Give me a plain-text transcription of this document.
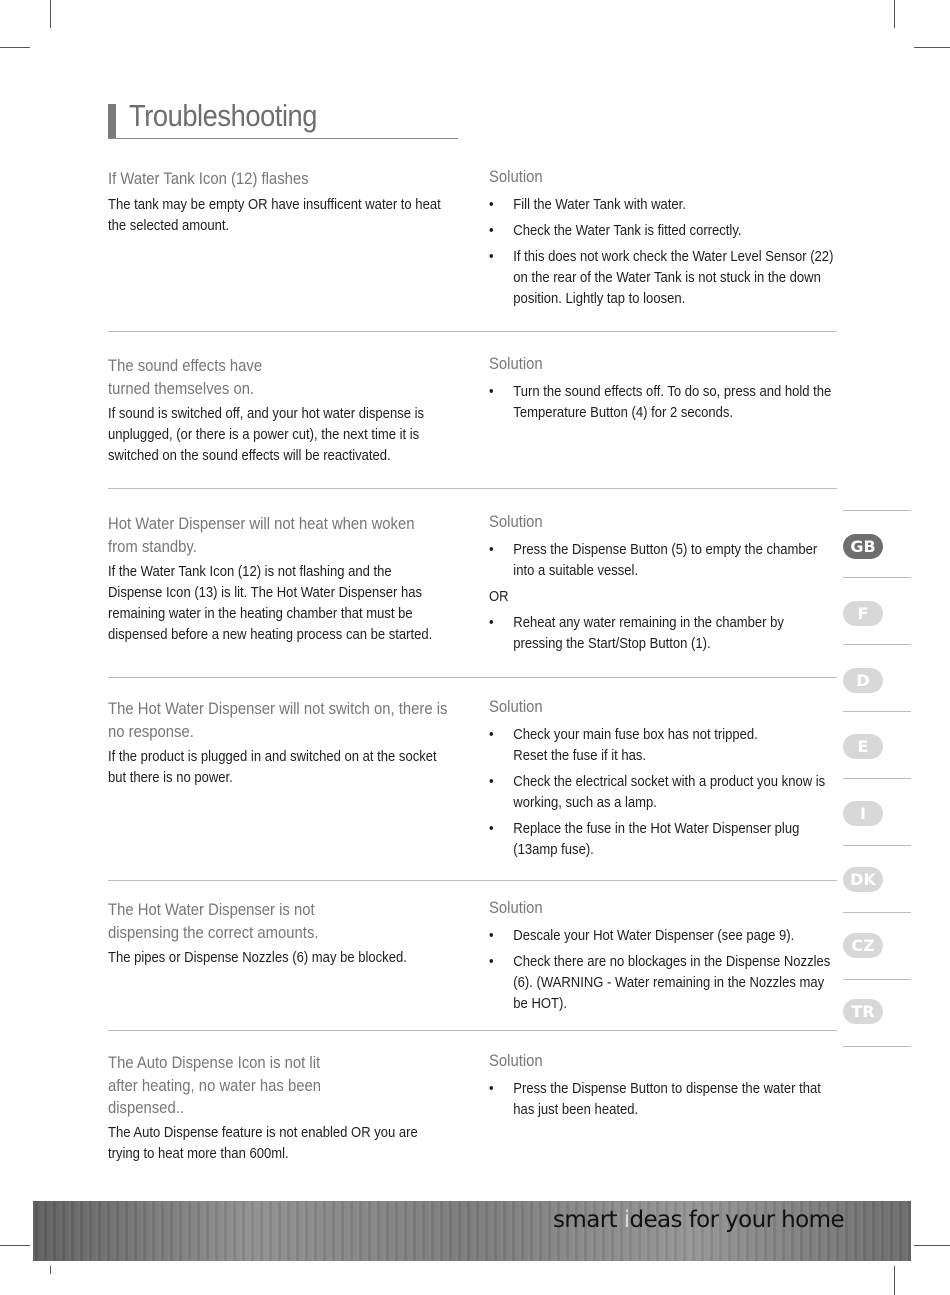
Troubleshooting
If Water Tank Icon (12) flashes
The tank may be empty OR have insufficent water to heat the selected amount.
Solution
• Fill the Water Tank with water.
• Check the Water Tank is fitted correctly.
• If this does not work check the Water Level Sensor (22) on the rear of the Water Tank is not stuck in the down position. Lightly tap to loosen.
The sound effects have turned themselves on.
If sound is switched off, and your hot water dispense is unplugged, (or there is a power cut), the next time it is switched on the sound effects will be reactivated.
Solution
• Turn the sound effects off. To do so, press and hold the Temperature Button (4) for 2 seconds.
Hot Water Dispenser will not heat when woken from standby.
If the Water Tank Icon (12) is not flashing and the Dispense Icon (13) is lit. The Hot Water Dispenser has remaining water in the heating chamber that must be dispensed before a new heating process can be started.
Solution
• Press the Dispense Button (5) to empty the chamber into a suitable vessel.
OR
• Reheat any water remaining in the chamber by pressing the Start/Stop Button (1).
The Hot Water Dispenser will not switch on, there is no response.
If the product is plugged in and switched on at the socket but there is no power.
Solution
• Check your main fuse box has not tripped.
Reset the fuse if it has.
• Check the electrical socket with a product you know is working, such as a lamp.
• Replace the fuse in the Hot Water Dispenser plug (13amp fuse).
The Hot Water Dispenser is not dispensing the correct amounts.
The pipes or Dispense Nozzles (6) may be blocked.
Solution
• Descale your Hot Water Dispenser (see page 9).
• Check there are no blockages in the Dispense Nozzles (6). (WARNING - Water remaining in the Nozzles may be HOT).
The Auto Dispense Icon is not lit after heating, no water has been dispensed..
The Auto Dispense feature is not enabled OR you are trying to heat more than 600ml.
Solution
• Press the Dispense Button to dispense the water that has just been heated.
GB
F
D
E
I
DK
CZ
TR
smart ideas for your home
